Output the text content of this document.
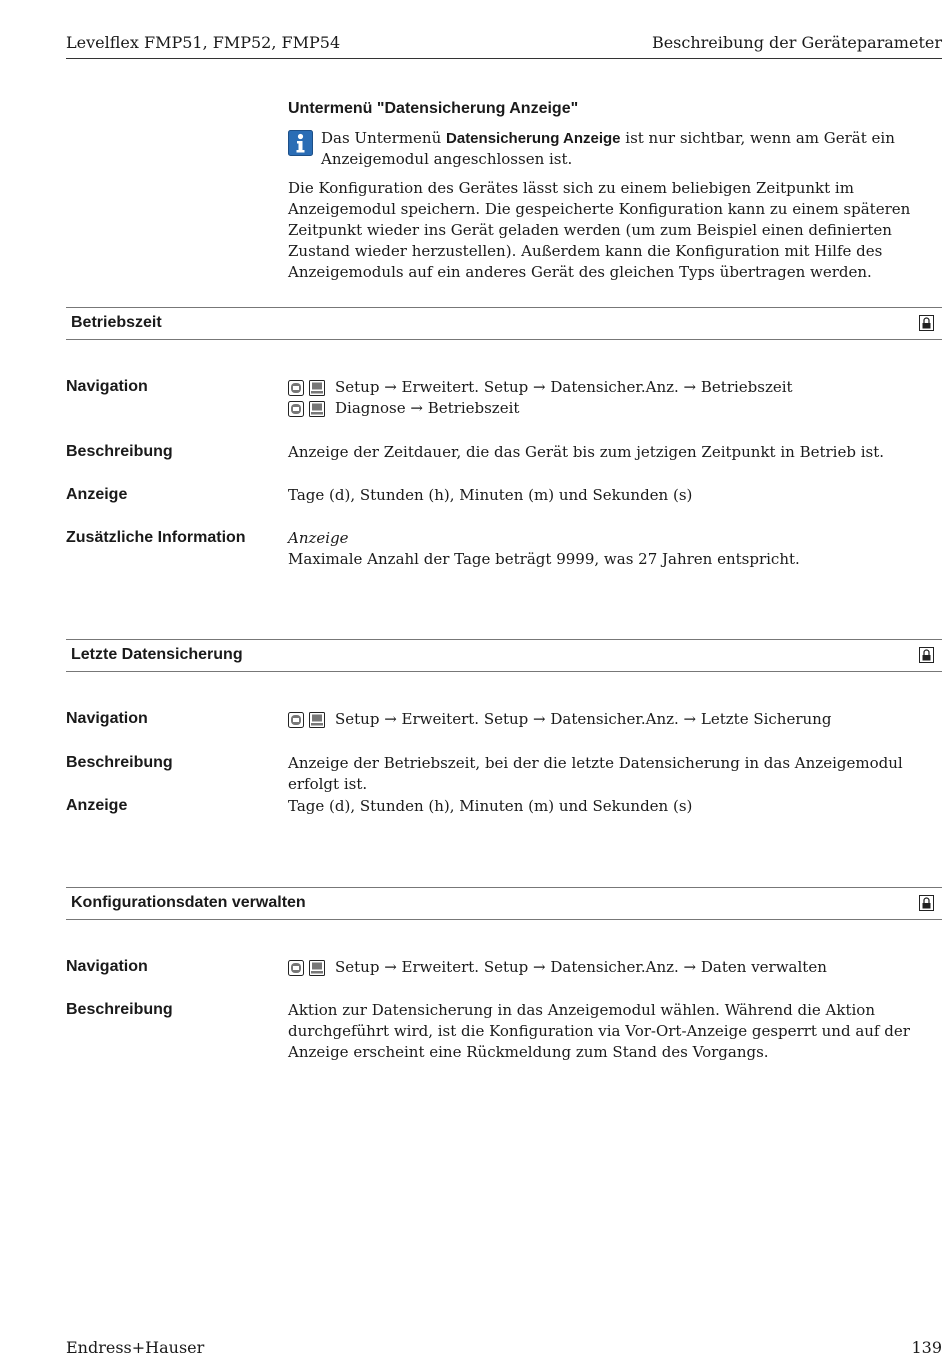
Levelflex FMP51, FMP52, FMP54	Beschreibung der Geräteparameter
Untermenü "Datensicherung Anzeige"
Das Untermenü Datensicherung Anzeige ist nur sichtbar, wenn am Gerät ein Anzeigemodul angeschlossen ist.
Die Konfiguration des Gerätes lässt sich zu einem beliebigen Zeitpunkt im Anzeigemodul speichern. Die gespeicherte Konfiguration kann zu einem späteren Zeitpunkt wieder ins Gerät geladen werden (um zum Beispiel einen definierten Zustand wieder herzustellen). Außerdem kann die Konfiguration mit Hilfe des Anzeigemoduls auf ein anderes Gerät des gleichen Typs übertragen werden.
Betriebszeit
Navigation	Setup → Erweitert. Setup → Datensicher.Anz. → Betriebszeit
Diagnose → Betriebszeit
Beschreibung	Anzeige der Zeitdauer, die das Gerät bis zum jetzigen Zeitpunkt in Betrieb ist.
Anzeige	Tage (d), Stunden (h), Minuten (m) und Sekunden (s)
Zusätzliche Information	Anzeige
Maximale Anzahl der Tage beträgt 9999, was 27 Jahren entspricht.
Letzte Datensicherung
Navigation	Setup → Erweitert. Setup → Datensicher.Anz. → Letzte Sicherung
Beschreibung	Anzeige der Betriebszeit, bei der die letzte Datensicherung in das Anzeigemodul erfolgt ist.
Anzeige	Tage (d), Stunden (h), Minuten (m) und Sekunden (s)
Konfigurationsdaten verwalten
Navigation	Setup → Erweitert. Setup → Datensicher.Anz. → Daten verwalten
Beschreibung	Aktion zur Datensicherung in das Anzeigemodul wählen. Während die Aktion durchgeführt wird, ist die Konfiguration via Vor-Ort-Anzeige gesperrt und auf der Anzeige erscheint eine Rückmeldung zum Stand des Vorgangs.
Endress+Hauser	139
